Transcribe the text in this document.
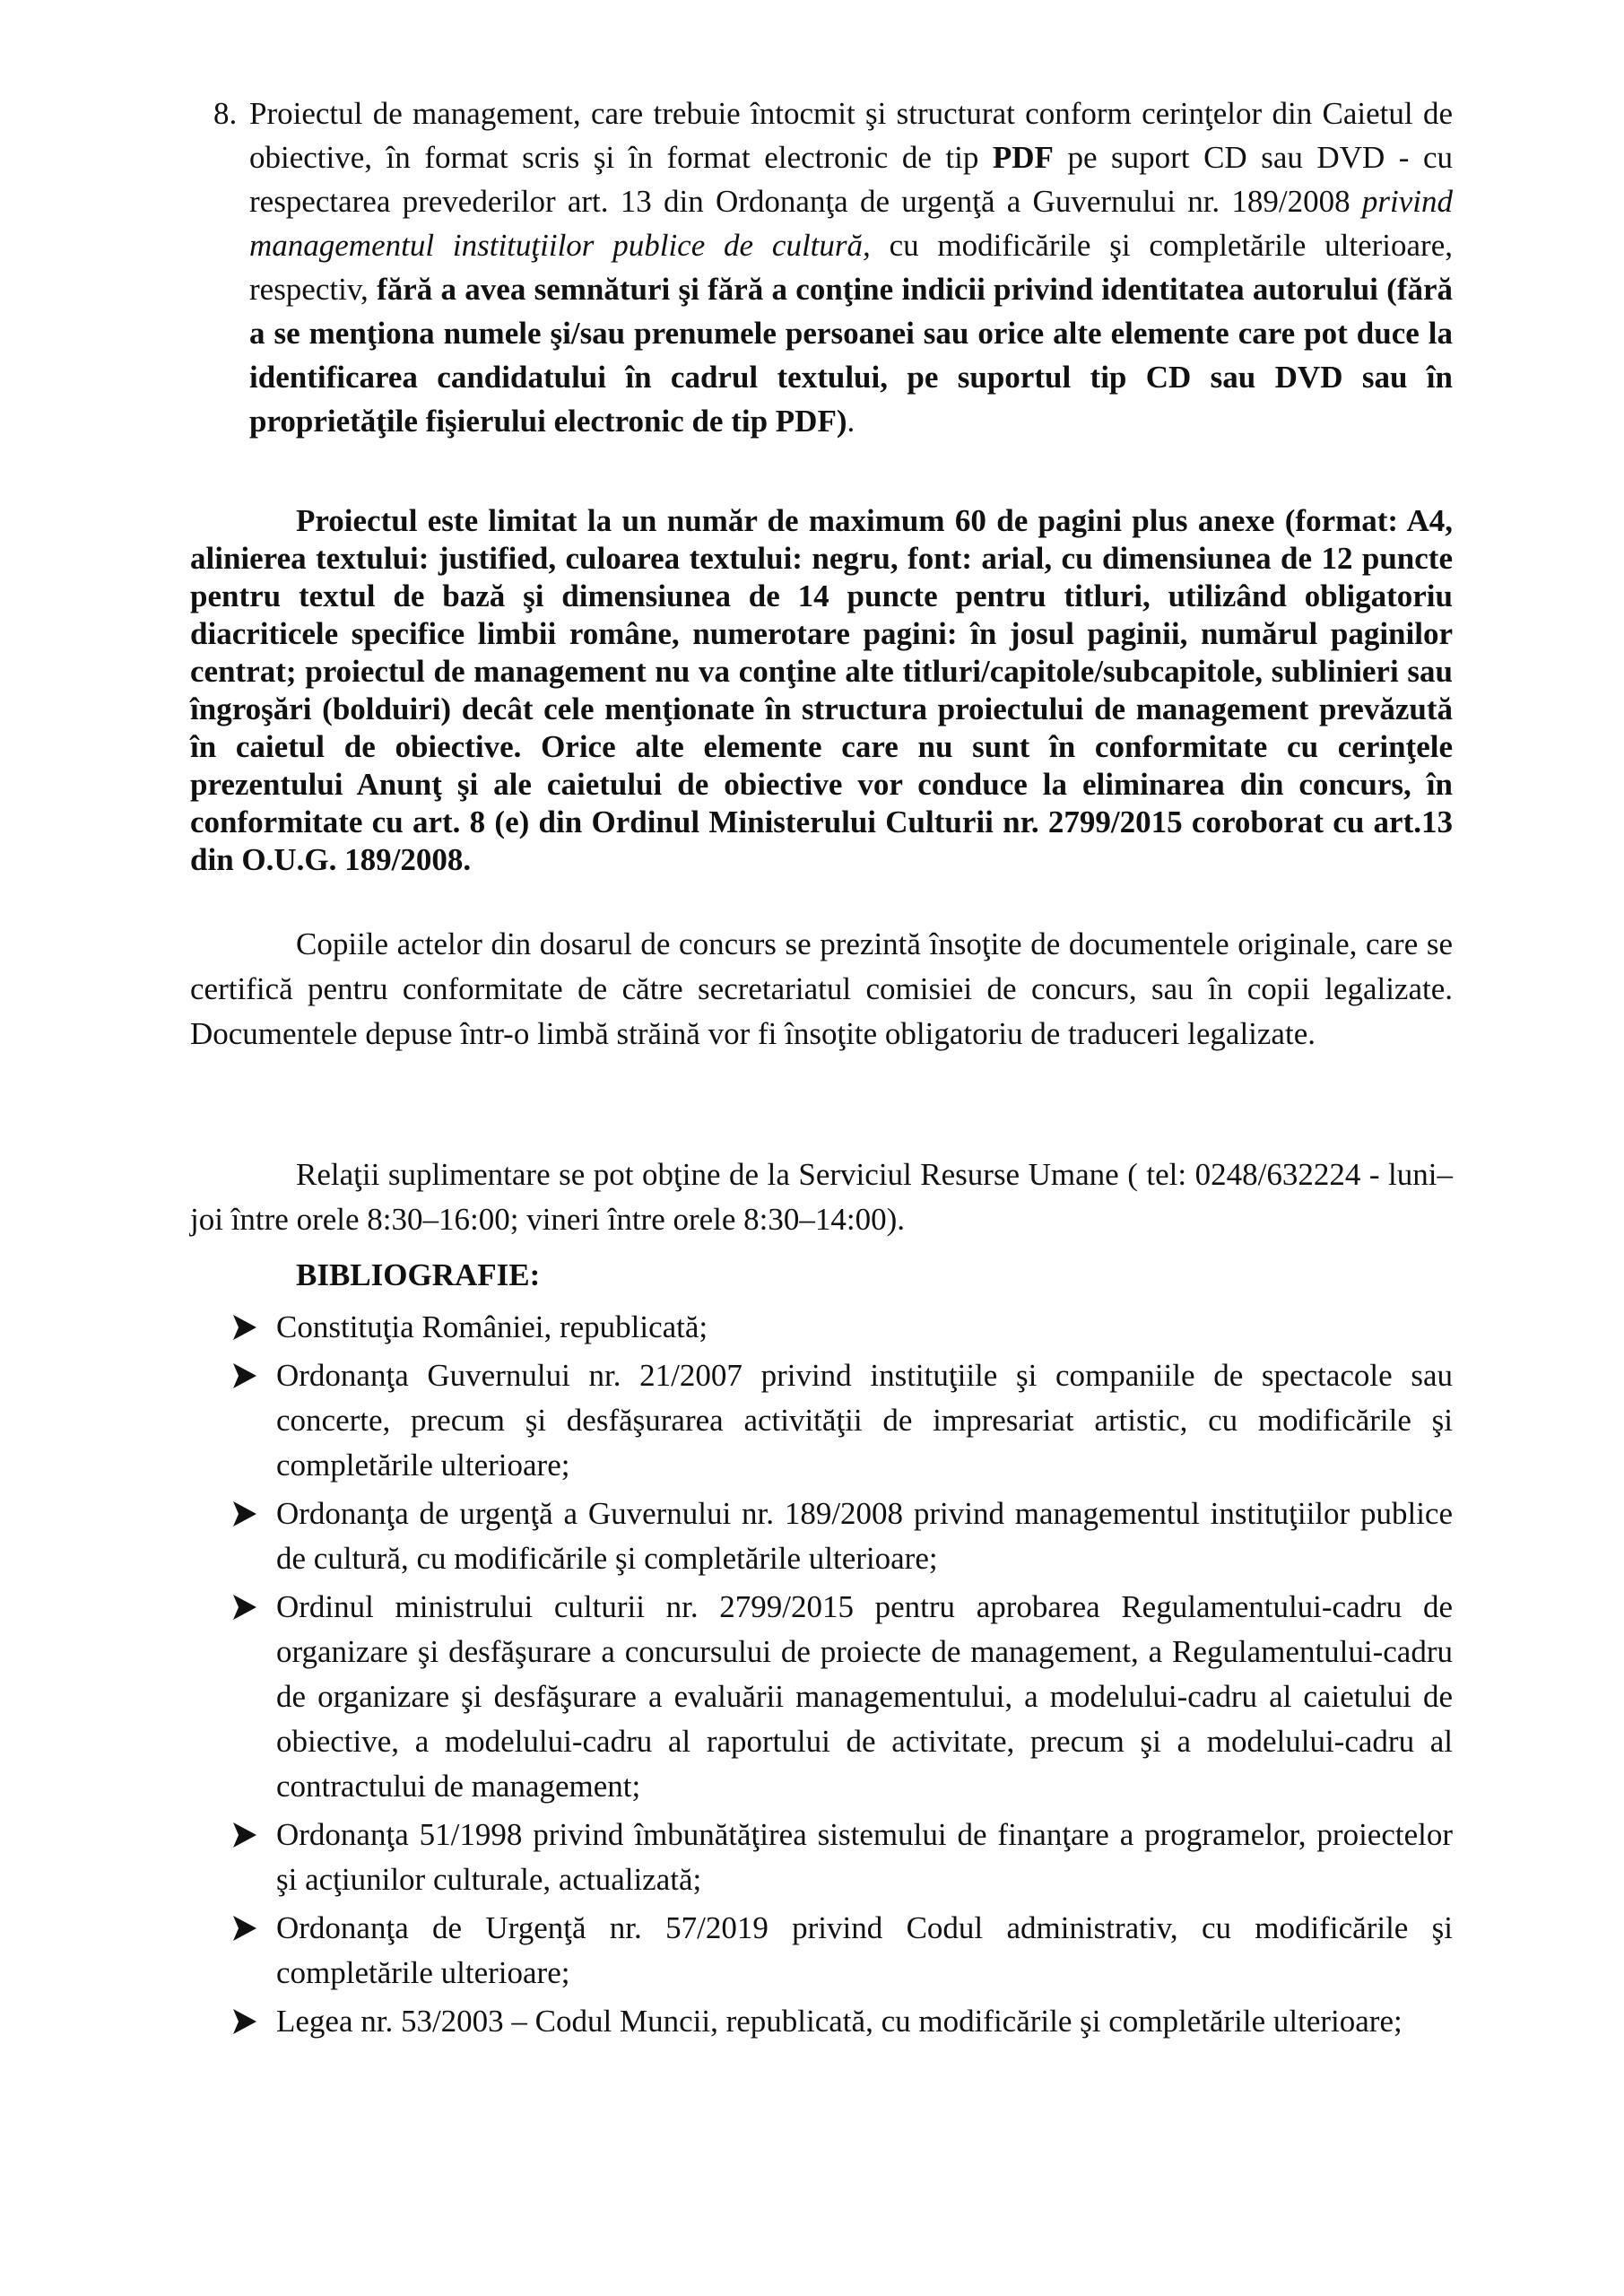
8. Proiectul de management, care trebuie întocmit şi structurat conform cerinţelor din Caietul de obiective, în format scris şi în format electronic de tip PDF pe suport CD sau DVD - cu respectarea prevederilor art. 13 din Ordonanţa de urgenţă a Guvernului nr. 189/2008 privind managementul instituţiilor publice de cultură, cu modificările şi completările ulterioare, respectiv, fără a avea semnături şi fără a conţine indicii privind identitatea autorului (fără a se menţiona numele şi/sau prenumele persoanei sau orice alte elemente care pot duce la identificarea candidatului în cadrul textului, pe suportul tip CD sau DVD sau în proprietăţile fişierului electronic de tip PDF).

Proiectul este limitat la un număr de maximum 60 de pagini plus anexe (format: A4, alinierea textului: justified, culoarea textului: negru, font: arial, cu dimensiunea de 12 puncte pentru textul de bază şi dimensiunea de 14 puncte pentru titluri, utilizând obligatoriu diacriticele specifice limbii române, numerotare pagini: în josul paginii, numărul paginilor centrat; proiectul de management nu va conţine alte titluri/capitole/subcapitole, sublinieri sau îngroşări (bolduiri) decât cele menţionate în structura proiectului de management prevăzută în caietul de obiective. Orice alte elemente care nu sunt în conformitate cu cerinţele prezentului Anunţ şi ale caietului de obiective vor conduce la eliminarea din concurs, în conformitate cu art. 8 (e) din Ordinul Ministerului Culturii nr. 2799/2015 coroborat cu art.13 din O.U.G. 189/2008.

Copiile actelor din dosarul de concurs se prezintă însoţite de documentele originale, care se certifică pentru conformitate de către secretariatul comisiei de concurs, sau în copii legalizate. Documentele depuse într-o limbă străină vor fi însoţite obligatoriu de traduceri legalizate.

Relaţii suplimentare se pot obţine de la Serviciul Resurse Umane ( tel: 0248/632224 - luni–joi între orele 8:30–16:00; vineri între orele 8:30–14:00).

BIBLIOGRAFIE:

Constituţia României, republicată;
Ordonanţa Guvernului nr. 21/2007 privind instituţiile şi companiile de spectacole sau concerte, precum şi desfăşurarea activităţii de impresariat artistic, cu modificările şi completările ulterioare;
Ordonanţa de urgenţă a Guvernului nr. 189/2008 privind managementul instituţiilor publice de cultură, cu modificările şi completările ulterioare;
Ordinul ministrului culturii nr. 2799/2015 pentru aprobarea Regulamentului-cadru de organizare şi desfăşurare a concursului de proiecte de management, a Regulamentului-cadru de organizare şi desfăşurare a evaluării managementului, a modelului-cadru al caietului de obiective, a modelului-cadru al raportului de activitate, precum şi a modelului-cadru al contractului de management;
Ordonanţa 51/1998 privind îmbunătăţirea sistemului de finanţare a programelor, proiectelor şi acţiunilor culturale, actualizată;
Ordonanţa de Urgenţă nr. 57/2019 privind Codul administrativ, cu modificările şi completările ulterioare;
Legea nr. 53/2003 – Codul Muncii, republicată, cu modificările şi completările ulterioare;
